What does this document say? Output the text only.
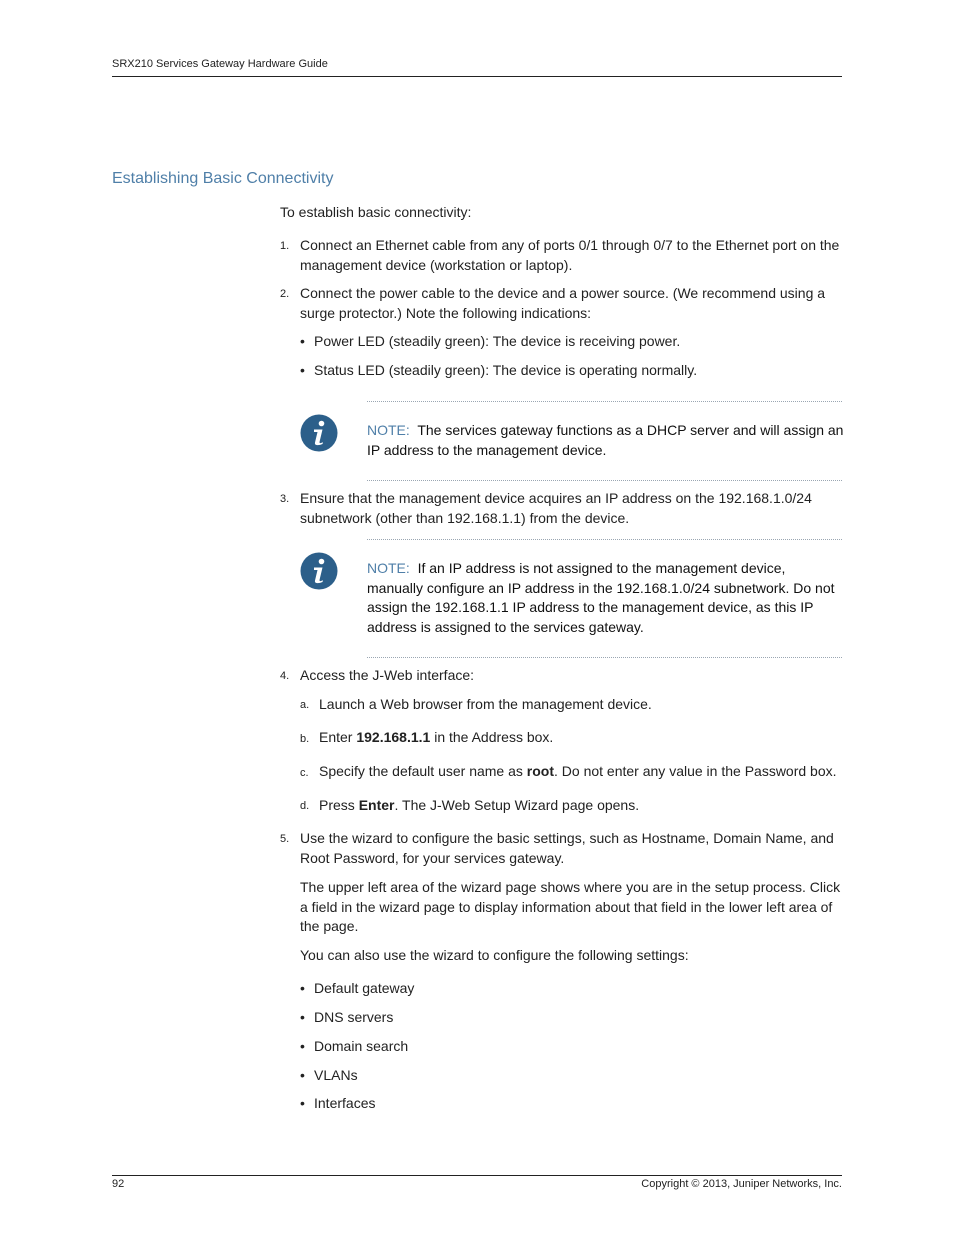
SRX210 Services Gateway Hardware Guide
Establishing Basic Connectivity
To establish basic connectivity:
1. Connect an Ethernet cable from any of ports 0/1 through 0/7 to the Ethernet port on the management device (workstation or laptop).
2. Connect the power cable to the device and a power source. (We recommend using a surge protector.) Note the following indications:
• Power LED (steadily green): The device is receiving power.
• Status LED (steadily green): The device is operating normally.
NOTE: The services gateway functions as a DHCP server and will assign an IP address to the management device.
3. Ensure that the management device acquires an IP address on the 192.168.1.0/24 subnetwork (other than 192.168.1.1) from the device.
NOTE: If an IP address is not assigned to the management device, manually configure an IP address in the 192.168.1.0/24 subnetwork. Do not assign the 192.168.1.1 IP address to the management device, as this IP address is assigned to the services gateway.
4. Access the J-Web interface:
a. Launch a Web browser from the management device.
b. Enter 192.168.1.1 in the Address box.
c. Specify the default user name as root. Do not enter any value in the Password box.
d. Press Enter. The J-Web Setup Wizard page opens.
5. Use the wizard to configure the basic settings, such as Hostname, Domain Name, and Root Password, for your services gateway.
The upper left area of the wizard page shows where you are in the setup process. Click a field in the wizard page to display information about that field in the lower left area of the page.
You can also use the wizard to configure the following settings:
• Default gateway
• DNS servers
• Domain search
• VLANs
• Interfaces
92	Copyright © 2013, Juniper Networks, Inc.
